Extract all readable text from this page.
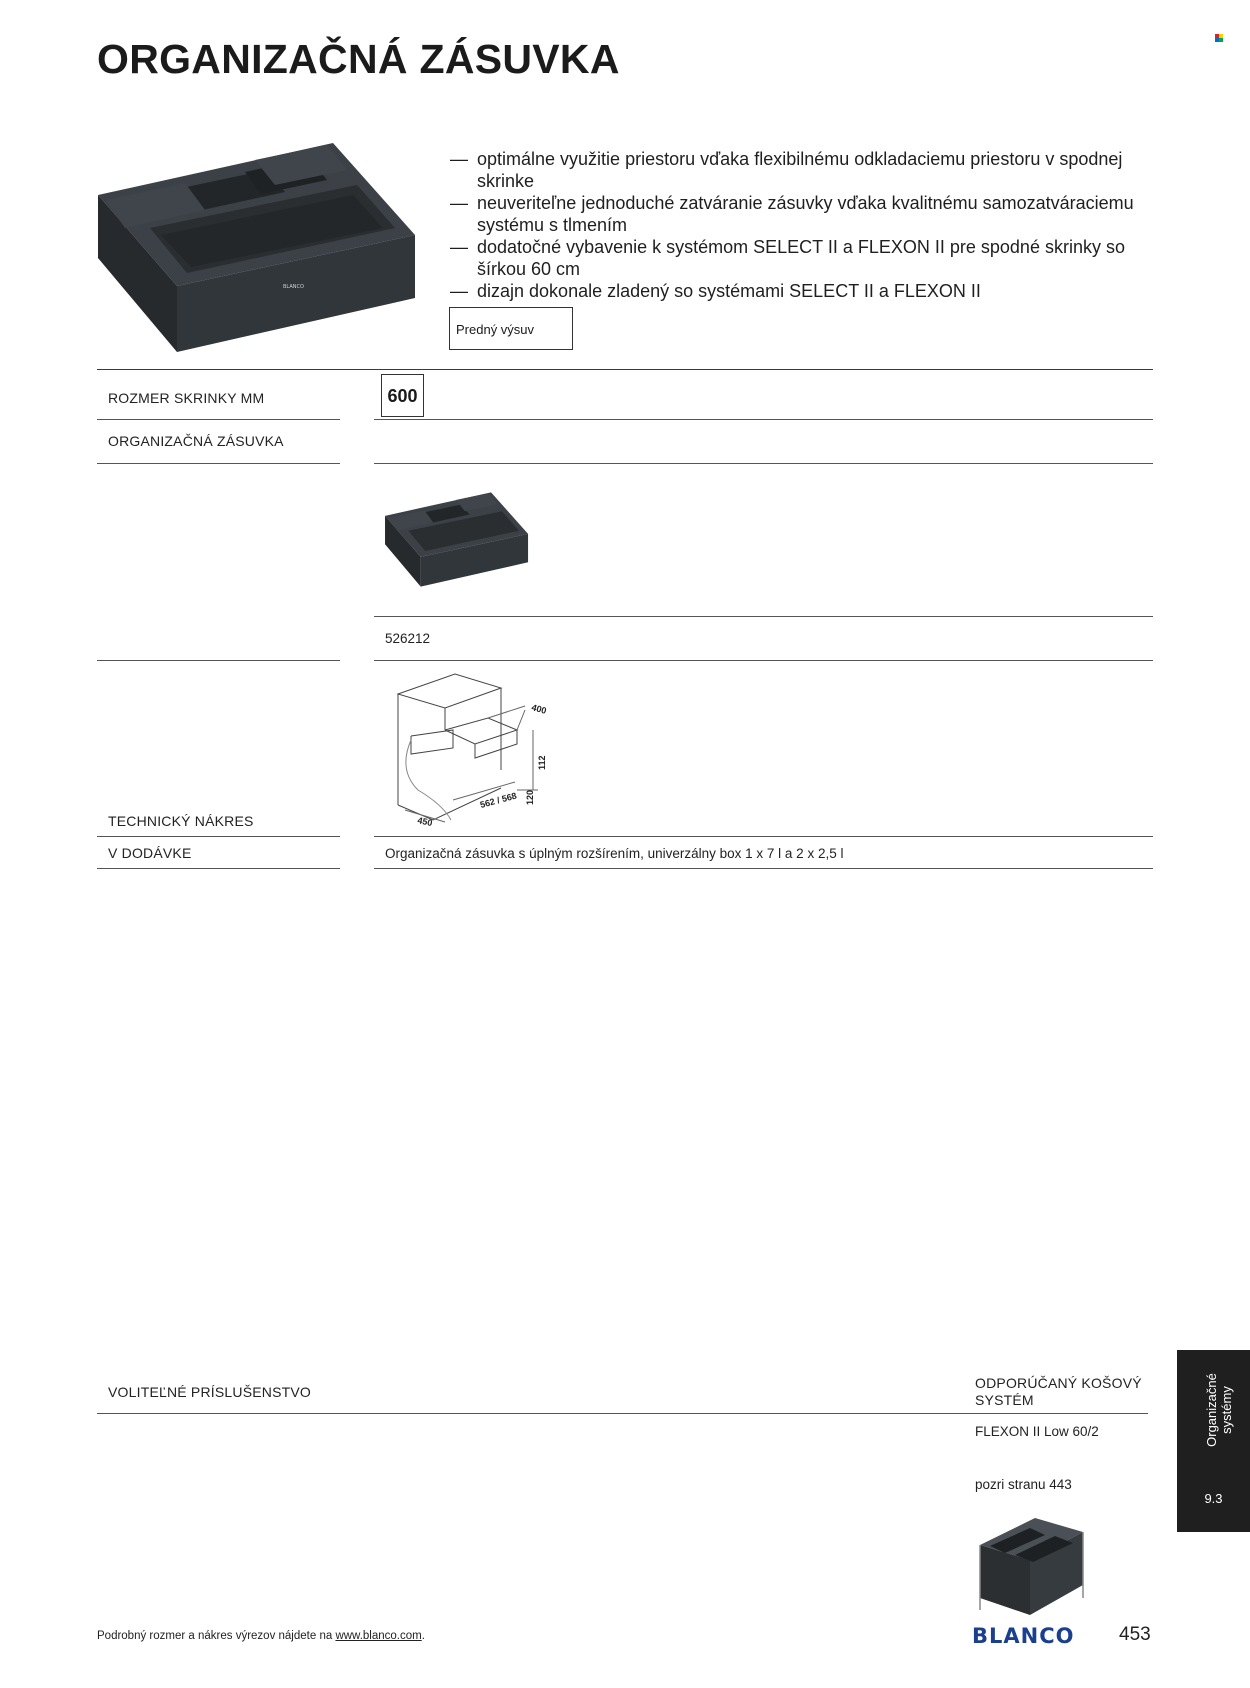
ORGANIZAČNÁ ZÁSUVKA
BLANCO
— optimálne využitie priestoru vďaka flexibilnému odkladaciemu priestoru v spodnej skrinke
— neuveriteľne jednoduché zatváranie zásuvky vďaka kvalitnému samozatváraciemu systému s tlmením
— dodatočné vybavenie k systémom SELECT II a FLEXON II pre spodné skrinky so šírkou 60 cm
— dizajn dokonale zladený so systémami SELECT II a FLEXON II
Predný výsuv
ROZMER SKRINKY MM	600
ORGANIZAČNÁ ZÁSUVKA
526212
400
112
120
562 / 568
450
TECHNICKÝ NÁKRES
V DODÁVKE	Organizačná zásuvka s úplným rozšírením, univerzálny box 1 x 7 l a 2 x 2,5 l
VOLITEĽNÉ PRÍSLUŠENSTVO
ODPORÚČANÝ KOŠOVÝ SYSTÉM
FLEXON II Low 60/2
pozri stranu 443
Organizačné systémy
9.3
Podrobný rozmer a nákres výrezov nájdete na www.blanco.com.	BLANCO 453
